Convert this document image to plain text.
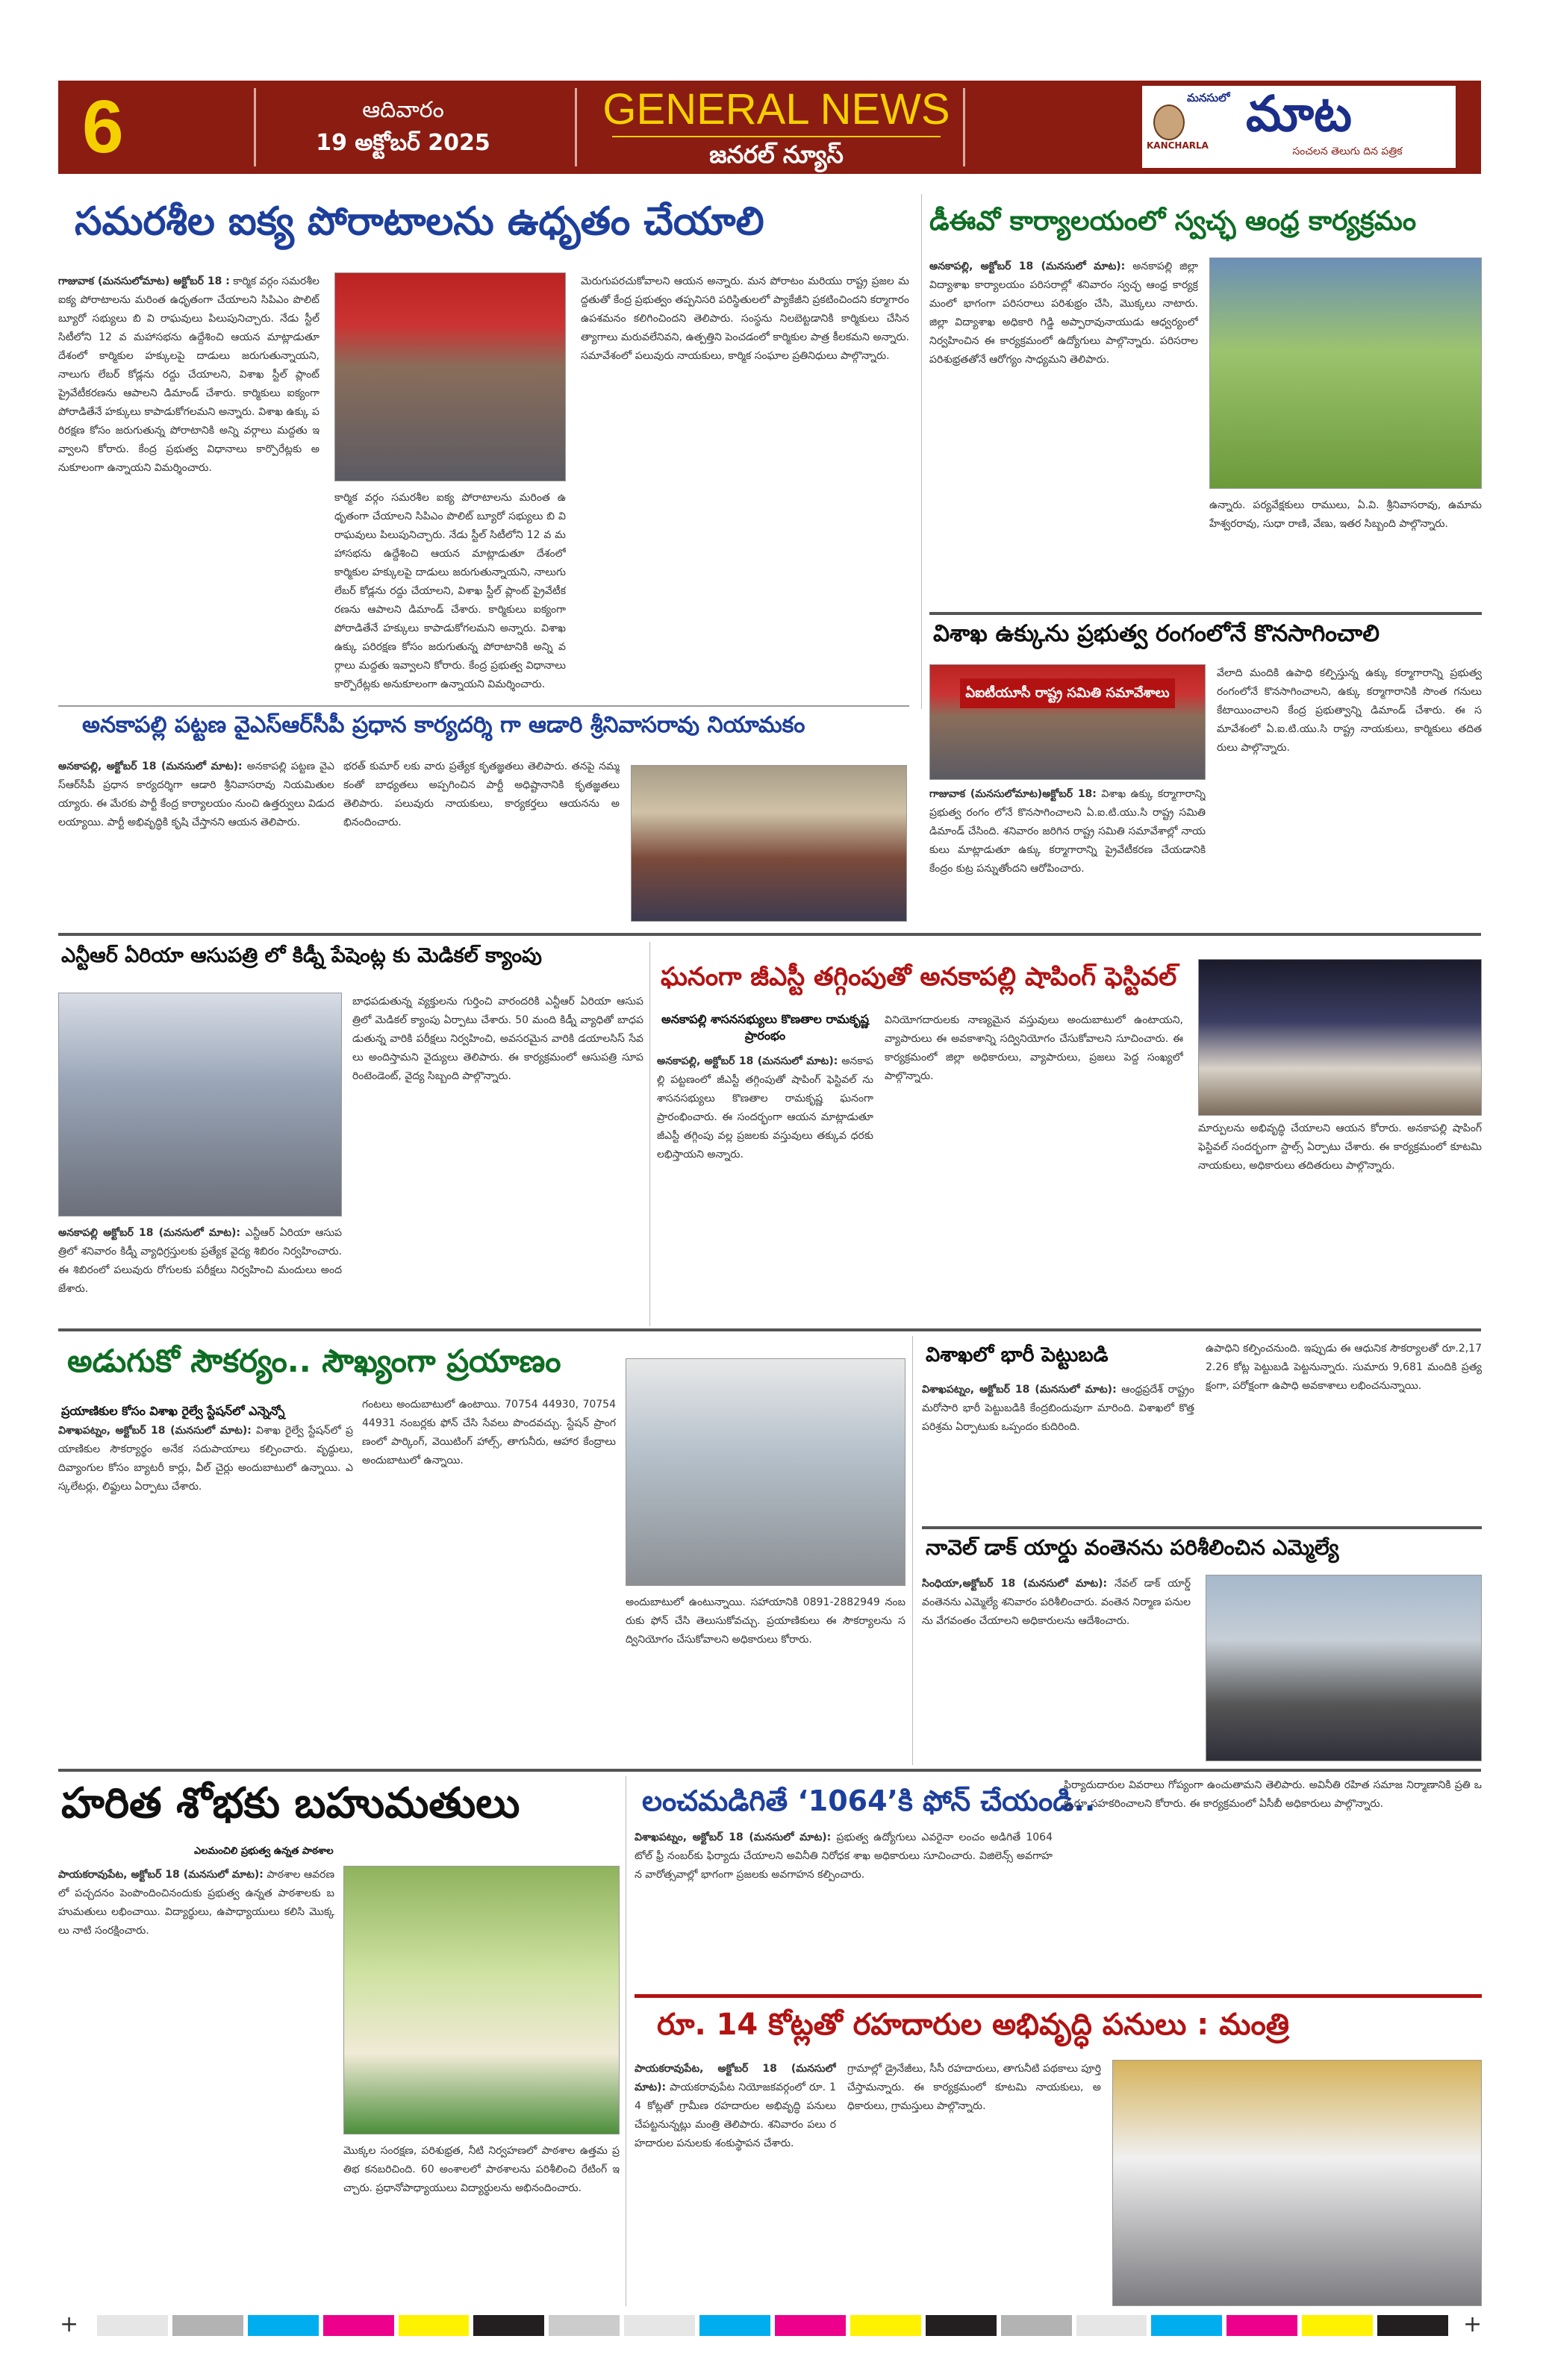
6	ఆదివారం
19 అక్టోబర్ 2025
GENERAL NEWS
జనరల్ న్యూస్
మనసులో మాట
KANCHARLA	సంచలన తెలుగు దిన పత్రిక
సమరశీల ఐక్య పోరాటాలను ఉధృతం చేయాలి
గాజువాక (మనసులోమాట) అక్టోబర్ 18 : కార్మిక వర్గం సమరశీల ఐక్య పోరాటాలను మరింత ఉధృతంగా చేయాలని సిపిఎం పొలిట్ బ్యూరో సభ్యులు బి వి రాఘవులు పిలుపునిచ్చారు. నేడు స్టీల్ సిటీలోని 12 వ మహాసభను ఉద్దేశించి ఆయన మాట్లాడుతూ దేశంలో కార్మికుల హక్కులపై దాడులు జరుగుతున్నాయని, నాలుగు లేబర్ కోడ్లను రద్దు చేయాలని, విశాఖ స్టీల్ ప్లాంట్ ప్రైవేటీకరణను ఆపాలని డిమాండ్ చేశారు. కార్మికులు ఐక్యంగా పోరాడితేనే హక్కులు కాపాడుకోగలమని అన్నారు. విశాఖ ఉక్కు పరిరక్షణ కోసం జరుగుతున్న పోరాటానికి అన్ని వర్గాలు మద్దతు ఇవ్వాలని కోరారు. కేంద్ర ప్రభుత్వ విధానాలు కార్పొరేట్లకు అనుకూలంగా ఉన్నాయని విమర్శించారు.
కార్మిక వర్గం సమరశీల ఐక్య పోరాటాలను మరింత ఉధృతంగా చేయాలని సిపిఎం పొలిట్ బ్యూరో సభ్యులు బి వి రాఘవులు పిలుపునిచ్చారు. నేడు స్టీల్ సిటీలోని 12 వ మహాసభను ఉద్దేశించి ఆయన మాట్లాడుతూ దేశంలో కార్మికుల హక్కులపై దాడులు జరుగుతున్నాయని, నాలుగు లేబర్ కోడ్లను రద్దు చేయాలని, విశాఖ స్టీల్ ప్లాంట్ ప్రైవేటీకరణను ఆపాలని డిమాండ్ చేశారు. కార్మికులు ఐక్యంగా పోరాడితేనే హక్కులు కాపాడుకోగలమని అన్నారు. విశాఖ ఉక్కు పరిరక్షణ కోసం జరుగుతున్న పోరాటానికి అన్ని వర్గాలు మద్దతు ఇవ్వాలని కోరారు. కేంద్ర ప్రభుత్వ విధానాలు కార్పొరేట్లకు అనుకూలంగా ఉన్నాయని విమర్శించారు.
మెరుగుపరచుకోవాలని ఆయన అన్నారు. మన పోరాటం మరియు రాష్ట్ర ప్రజల మద్దతుతో కేంద్ర ప్రభుత్వం తప్పనిసరి పరిస్థితులలో ప్యాకేజీని ప్రకటించిందని కర్మాగారం ఉపశమనం కలిగించిందని తెలిపారు. సంస్థను నిలబెట్టడానికి కార్మికులు చేసిన త్యాగాలు మరువలేనివని, ఉత్పత్తిని పెంచడంలో కార్మికుల పాత్ర కీలకమని అన్నారు. సమావేశంలో పలువురు నాయకులు, కార్మిక సంఘాల ప్రతినిధులు పాల్గొన్నారు.
డీఈవో కార్యాలయంలో స్వచ్ఛ ఆంధ్ర కార్యక్రమం
అనకాపల్లి, అక్టోబర్ 18 (మనసులో మాట): అనకాపల్లి జిల్లా విద్యాశాఖ కార్యాలయం పరిసరాల్లో శనివారం స్వచ్ఛ ఆంధ్ర కార్యక్రమంలో భాగంగా పరిసరాలు పరిశుభ్రం చేసి, మొక్కలు నాటారు. జిల్లా విద్యాశాఖ అధికారి గిడ్డి అప్పారావునాయుడు ఆధ్వర్యంలో నిర్వహించిన ఈ కార్యక్రమంలో ఉద్యోగులు పాల్గొన్నారు. పరిసరాల పరిశుభ్రతతోనే ఆరోగ్యం సాధ్యమని తెలిపారు.
ఉన్నారు. పర్యవేక్షకులు రాములు, ఏ.వి. శ్రీనివాసరావు, ఉమామహేశ్వరరావు, సుధా రాణి, వేణు, ఇతర సిబ్బంది పాల్గొన్నారు.
విశాఖ ఉక్కును ప్రభుత్వ రంగంలోనే కొనసాగించాలి
ఏఐటీయూసీ రాష్ట్ర సమితి సమావేశాలు
గాజువాక (మనసులోమాట)అక్టోబర్ 18: విశాఖ ఉక్కు కర్మాగారాన్ని ప్రభుత్వ రంగం లోనే కొనసాగించాలని ఏ.ఐ.టి.యు.సి రాష్ట్ర సమితి డిమాండ్ చేసింది. శనివారం జరిగిన రాష్ట్ర సమితి సమావేశాల్లో నాయకులు మాట్లాడుతూ ఉక్కు కర్మాగారాన్ని ప్రైవేటీకరణ చేయడానికి కేంద్రం కుట్ర పన్నుతోందని ఆరోపించారు.
వేలాది మందికి ఉపాధి కల్పిస్తున్న ఉక్కు కర్మాగారాన్ని ప్రభుత్వ రంగంలోనే కొనసాగించాలని, ఉక్కు కర్మాగారానికి సొంత గనులు కేటాయించాలని కేంద్ర ప్రభుత్వాన్ని డిమాండ్ చేశారు. ఈ సమావేశంలో ఏ.ఐ.టి.యు.సి రాష్ట్ర నాయకులు, కార్మికులు తదితరులు పాల్గొన్నారు.
అనకాపల్లి పట్టణ వైఎస్ఆర్‌సీపీ ప్రధాన కార్యదర్శి గా ఆడారి శ్రీనివాసరావు నియామకం
అనకాపల్లి, అక్టోబర్ 18 (మనసులో మాట): అనకాపల్లి పట్టణ వైఎస్ఆర్‌సీపీ ప్రధాన కార్యదర్శిగా ఆడారి శ్రీనివాసరావు నియమితులయ్యారు. ఈ మేరకు పార్టీ కేంద్ర కార్యాలయం నుంచి ఉత్తర్వులు విడుదలయ్యాయి. పార్టీ అభివృద్ధికి కృషి చేస్తానని ఆయన తెలిపారు.
భరత్ కుమార్ లకు వారు ప్రత్యేక కృతజ్ఞతలు తెలిపారు. తనపై నమ్మకంతో బాధ్యతలు అప్పగించిన పార్టీ అధిష్టానానికి కృతజ్ఞతలు తెలిపారు. పలువురు నాయకులు, కార్యకర్తలు ఆయనను అభినందించారు.
ఎన్టీఆర్ ఏరియా ఆసుపత్రి లో కిడ్నీ పేషెంట్ల కు మెడికల్ క్యాంపు
అనకాపల్లి అక్టోబర్ 18 (మనసులో మాట): ఎన్టీఆర్ ఏరియా ఆసుపత్రిలో శనివారం కిడ్నీ వ్యాధిగ్రస్తులకు ప్రత్యేక వైద్య శిబిరం నిర్వహించారు. ఈ శిబిరంలో పలువురు రోగులకు పరీక్షలు నిర్వహించి మందులు అందజేశారు.
బాధపడుతున్న వ్యక్తులను గుర్తించి వారందరికి ఎన్టీఆర్ ఏరియా ఆసుపత్రిలో మెడికల్ క్యాంపు ఏర్పాటు చేశారు. 50 మంది కిడ్నీ వ్యాధితో బాధపడుతున్న వారికి పరీక్షలు నిర్వహించి, అవసరమైన వారికి డయాలసిస్ సేవలు అందిస్తామని వైద్యులు తెలిపారు. ఈ కార్యక్రమంలో ఆసుపత్రి సూపరింటెండెంట్, వైద్య సిబ్బంది పాల్గొన్నారు.
ఘనంగా జీఎస్టీ తగ్గింపుతో అనకాపల్లి షాపింగ్ ఫెస్టివల్
అనకాపల్లి శాసనసభ్యులు కొణతాల రామకృష్ణ ప్రారంభం
అనకాపల్లి, అక్టోబర్ 18 (మనసులో మాట): అనకాపల్లి పట్టణంలో జీఎస్టీ తగ్గింపుతో షాపింగ్ ఫెస్టివల్ ను శాసనసభ్యులు కొణతాల రామకృష్ణ ఘనంగా ప్రారంభించారు. ఈ సందర్భంగా ఆయన మాట్లాడుతూ జీఎస్టీ తగ్గింపు వల్ల ప్రజలకు వస్తువులు తక్కువ ధరకు లభిస్తాయని అన్నారు.
వినియోగదారులకు నాణ్యమైన వస్తువులు అందుబాటులో ఉంటాయని, వ్యాపారులు ఈ అవకాశాన్ని సద్వినియోగం చేసుకోవాలని సూచించారు. ఈ కార్యక్రమంలో జిల్లా అధికారులు, వ్యాపారులు, ప్రజలు పెద్ద సంఖ్యలో పాల్గొన్నారు.
మార్పులను అభివృద్ధి చేయాలని ఆయన కోరారు. అనకాపల్లి షాపింగ్ ఫెస్టివల్ సందర్భంగా స్టాల్స్ ఏర్పాటు చేశారు. ఈ కార్యక్రమంలో కూటమి నాయకులు, అధికారులు తదితరులు పాల్గొన్నారు.
అడుగుకో సౌకర్యం.. సౌఖ్యంగా ప్రయాణం
ప్రయాణికుల కోసం విశాఖ రైల్వే స్టేషన్‌లో ఎన్నెన్నో
విశాఖపట్నం, అక్టోబర్ 18 (మనసులో మాట): విశాఖ రైల్వే స్టేషన్‌లో ప్రయాణికుల సౌకర్యార్థం అనేక సదుపాయాలు కల్పించారు. వృద్ధులు, దివ్యాంగుల కోసం బ్యాటరీ కార్లు, వీల్ చైర్లు అందుబాటులో ఉన్నాయి. ఎస్కలేటర్లు, లిఫ్టులు ఏర్పాటు చేశారు.
గంటలు అందుబాటులో ఉంటాయి. 70754 44930, 70754 44931 నంబర్లకు ఫోన్ చేసి సేవలు పొందవచ్చు. స్టేషన్ ప్రాంగణంలో పార్కింగ్, వెయిటింగ్ హాల్స్, తాగునీరు, ఆహార కేంద్రాలు అందుబాటులో ఉన్నాయి.
అందుబాటులో ఉంటున్నాయి. సహాయానికి 0891-2882949 నంబరుకు ఫోన్ చేసి తెలుసుకోవచ్చు. ప్రయాణికులు ఈ సౌకర్యాలను సద్వినియోగం చేసుకోవాలని అధికారులు కోరారు.
విశాఖలో భారీ పెట్టుబడి
విశాఖపట్నం, అక్టోబర్ 18 (మనసులో మాట): ఆంధ్రప్రదేశ్ రాష్ట్రం మరోసారి భారీ పెట్టుబడికి కేంద్రబిందువుగా మారింది. విశాఖలో కొత్త పరిశ్రమ ఏర్పాటుకు ఒప్పందం కుదిరింది.
ఉపాధిని కల్పించనుంది. ఇప్పుడు ఈ ఆధునిక సౌకర్యాలతో రూ.2,172.26 కోట్ల పెట్టుబడి పెట్టనున్నారు. సుమారు 9,681 మందికి ప్రత్యక్షంగా, పరోక్షంగా ఉపాధి అవకాశాలు లభించనున్నాయి.
నావెల్ డాక్ యార్డు వంతెనను పరిశీలించిన ఎమ్మెల్యే
సింధియా,అక్టోబర్ 18 (మనసులో మాట): నేవల్ డాక్ యార్డ్ వంతెనను ఎమ్మెల్యే శనివారం పరిశీలించారు. వంతెన నిర్మాణ పనులను వేగవంతం చేయాలని అధికారులను ఆదేశించారు.
హరిత శోభకు బహుమతులు
ఎలమంచిలి ప్రభుత్వ ఉన్నత పాఠశాల
పాయకరావుపేట, అక్టోబర్ 18 (మనసులో మాట): పాఠశాల ఆవరణలో పచ్చదనం పెంపొందించినందుకు ప్రభుత్వ ఉన్నత పాఠశాలకు బహుమతులు లభించాయి. విద్యార్థులు, ఉపాధ్యాయులు కలిసి మొక్కలు నాటి సంరక్షించారు.
మొక్కల సంరక్షణ, పరిశుభ్రత, నీటి నిర్వహణలో పాఠశాల ఉత్తమ ప్రతిభ కనబరిచింది. 60 అంశాలలో పాఠశాలను పరిశీలించి రేటింగ్ ఇచ్చారు. ప్రధానోపాధ్యాయులు విద్యార్థులను అభినందించారు.
లంచమడిగితే ‘1064’కి ఫోన్ చేయండి..
విశాఖపట్నం, అక్టోబర్ 18 (మనసులో మాట): ప్రభుత్వ ఉద్యోగులు ఎవరైనా లంచం అడిగితే 1064 టోల్ ఫ్రీ నంబర్‌కు ఫిర్యాదు చేయాలని అవినీతి నిరోధక శాఖ అధికారులు సూచించారు. విజిలెన్స్ అవగాహన వారోత్సవాల్లో భాగంగా ప్రజలకు అవగాహన కల్పించారు.
ఫిర్యాదుదారుల వివరాలు గోప్యంగా ఉంచుతామని తెలిపారు. అవినీతి రహిత సమాజ నిర్మాణానికి ప్రతి ఒక్కరూ సహకరించాలని కోరారు. ఈ కార్యక్రమంలో ఏసీబీ అధికారులు పాల్గొన్నారు.
రూ. 14 కోట్లతో రహదారుల అభివృద్ధి పనులు : మంత్రి
పాయకరావుపేట, అక్టోబర్ 18 (మనసులో మాట): పాయకరావుపేట నియోజకవర్గంలో రూ. 14 కోట్లతో గ్రామీణ రహదారుల అభివృద్ధి పనులు చేపట్టనున్నట్లు మంత్రి తెలిపారు. శనివారం పలు రహదారుల పనులకు శంకుస్థాపన చేశారు.
గ్రామాల్లో డ్రైనేజీలు, సీసీ రహదారులు, తాగునీటి పథకాలు పూర్తి చేస్తామన్నారు. ఈ కార్యక్రమంలో కూటమి నాయకులు, అధికారులు, గ్రామస్తులు పాల్గొన్నారు.
+	+
